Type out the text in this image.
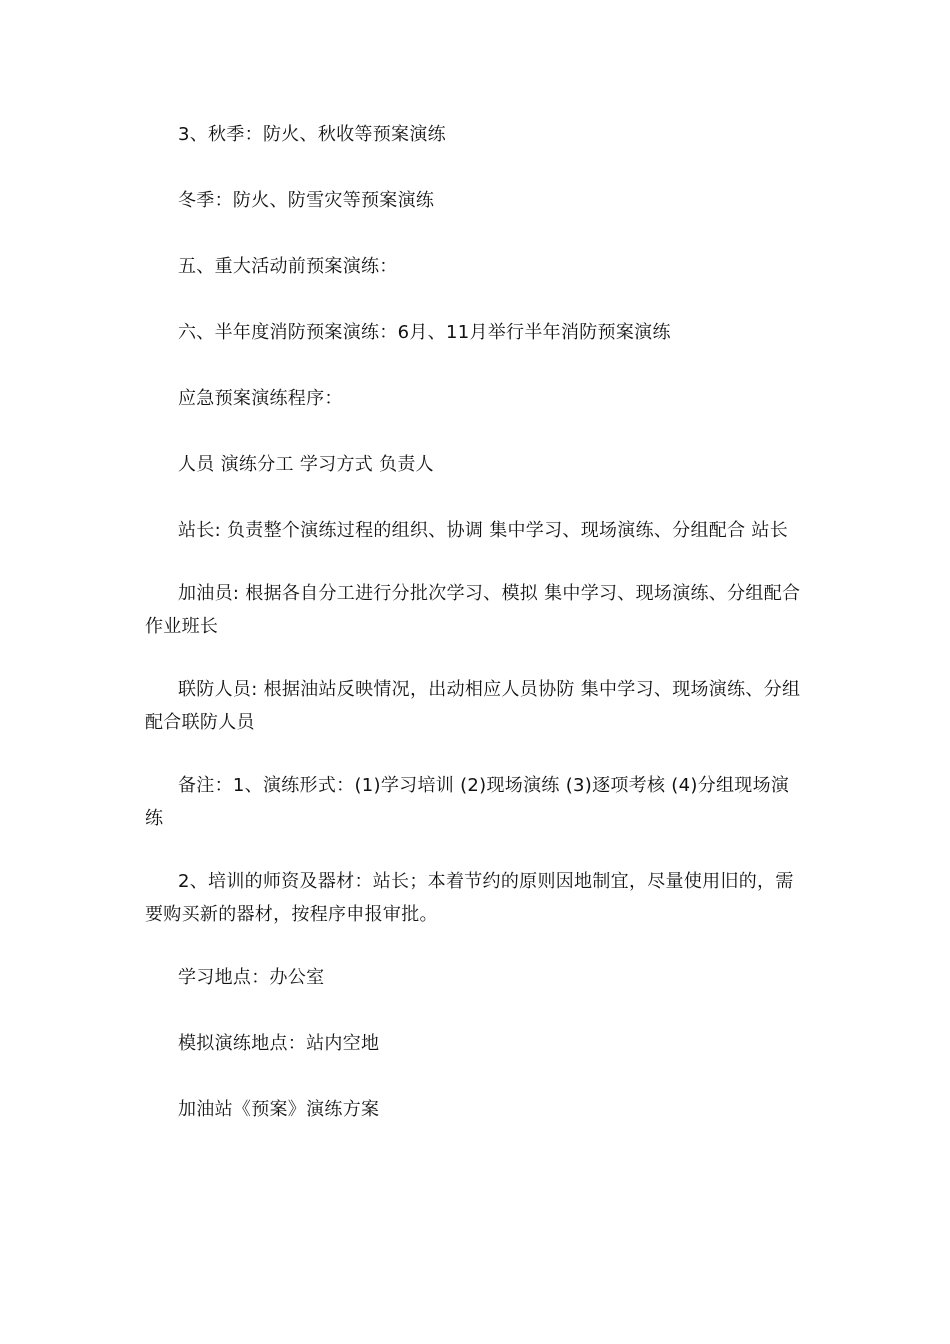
3、秋季：防火、秋收等预案演练

冬季：防火、防雪灾等预案演练

五、重大活动前预案演练：

六、半年度消防预案演练：6月、11月举行半年消防预案演练

应急预案演练程序：

人员 演练分工 学习方式 负责人

站长: 负责整个演练过程的组织、协调 集中学习、现场演练、分组配合 站长

加油员: 根据各自分工进行分批次学习、模拟 集中学习、现场演练、分组配合 作业班长

联防人员: 根据油站反映情况，出动相应人员协防 集中学习、现场演练、分组配合联防人员

备注：1、演练形式：(1)学习培训 (2)现场演练 (3)逐项考核 (4)分组现场演练

2、培训的师资及器材：站长；本着节约的原则因地制宜，尽量使用旧的，需要购买新的器材，按程序申报审批。

学习地点：办公室

模拟演练地点：站内空地

加油站《预案》演练方案
